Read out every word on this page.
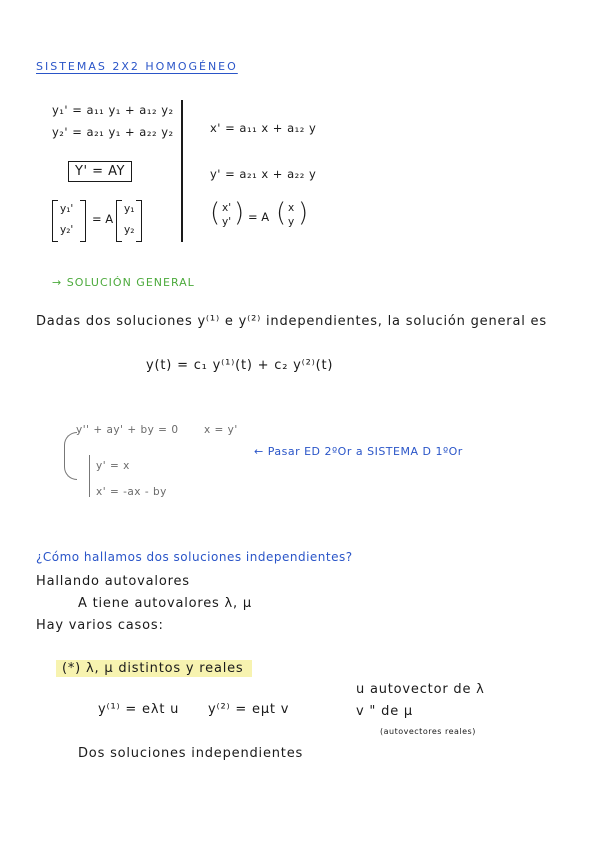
SISTEMAS 2X2 HOMOGÉNEO
y₁' = a₁₁ y₁ + a₁₂ y₂
y₂' = a₂₁ y₁ + a₂₂ y₂
Y' = AY
y₁'
y₂'
= A
y₁
y₂
x' = a₁₁ x + a₁₂ y
y' = a₂₁ x + a₂₂ y
( x'
y' ) = A ( x
y )
→ SOLUCIÓN GENERAL
Dadas dos soluciones y⁽¹⁾ e y⁽²⁾ independientes, la solución general es
y(t) = c₁ y⁽¹⁾(t) + c₂ y⁽²⁾(t)
y'' + ay' + by = 0 x = y'
y' = x
x' = -ax - by
← Pasar ED 2ºOr a SISTEMA D 1ºOr
¿Cómo hallamos dos soluciones independientes?
Hallando autovalores
A tiene autovalores λ, μ
Hay varios casos:
(*) λ, μ distintos y reales
y⁽¹⁾ = eλt u y⁽²⁾ = eμt v
u autovector de λ
v " de μ
(autovectores reales)
Dos soluciones independientes
